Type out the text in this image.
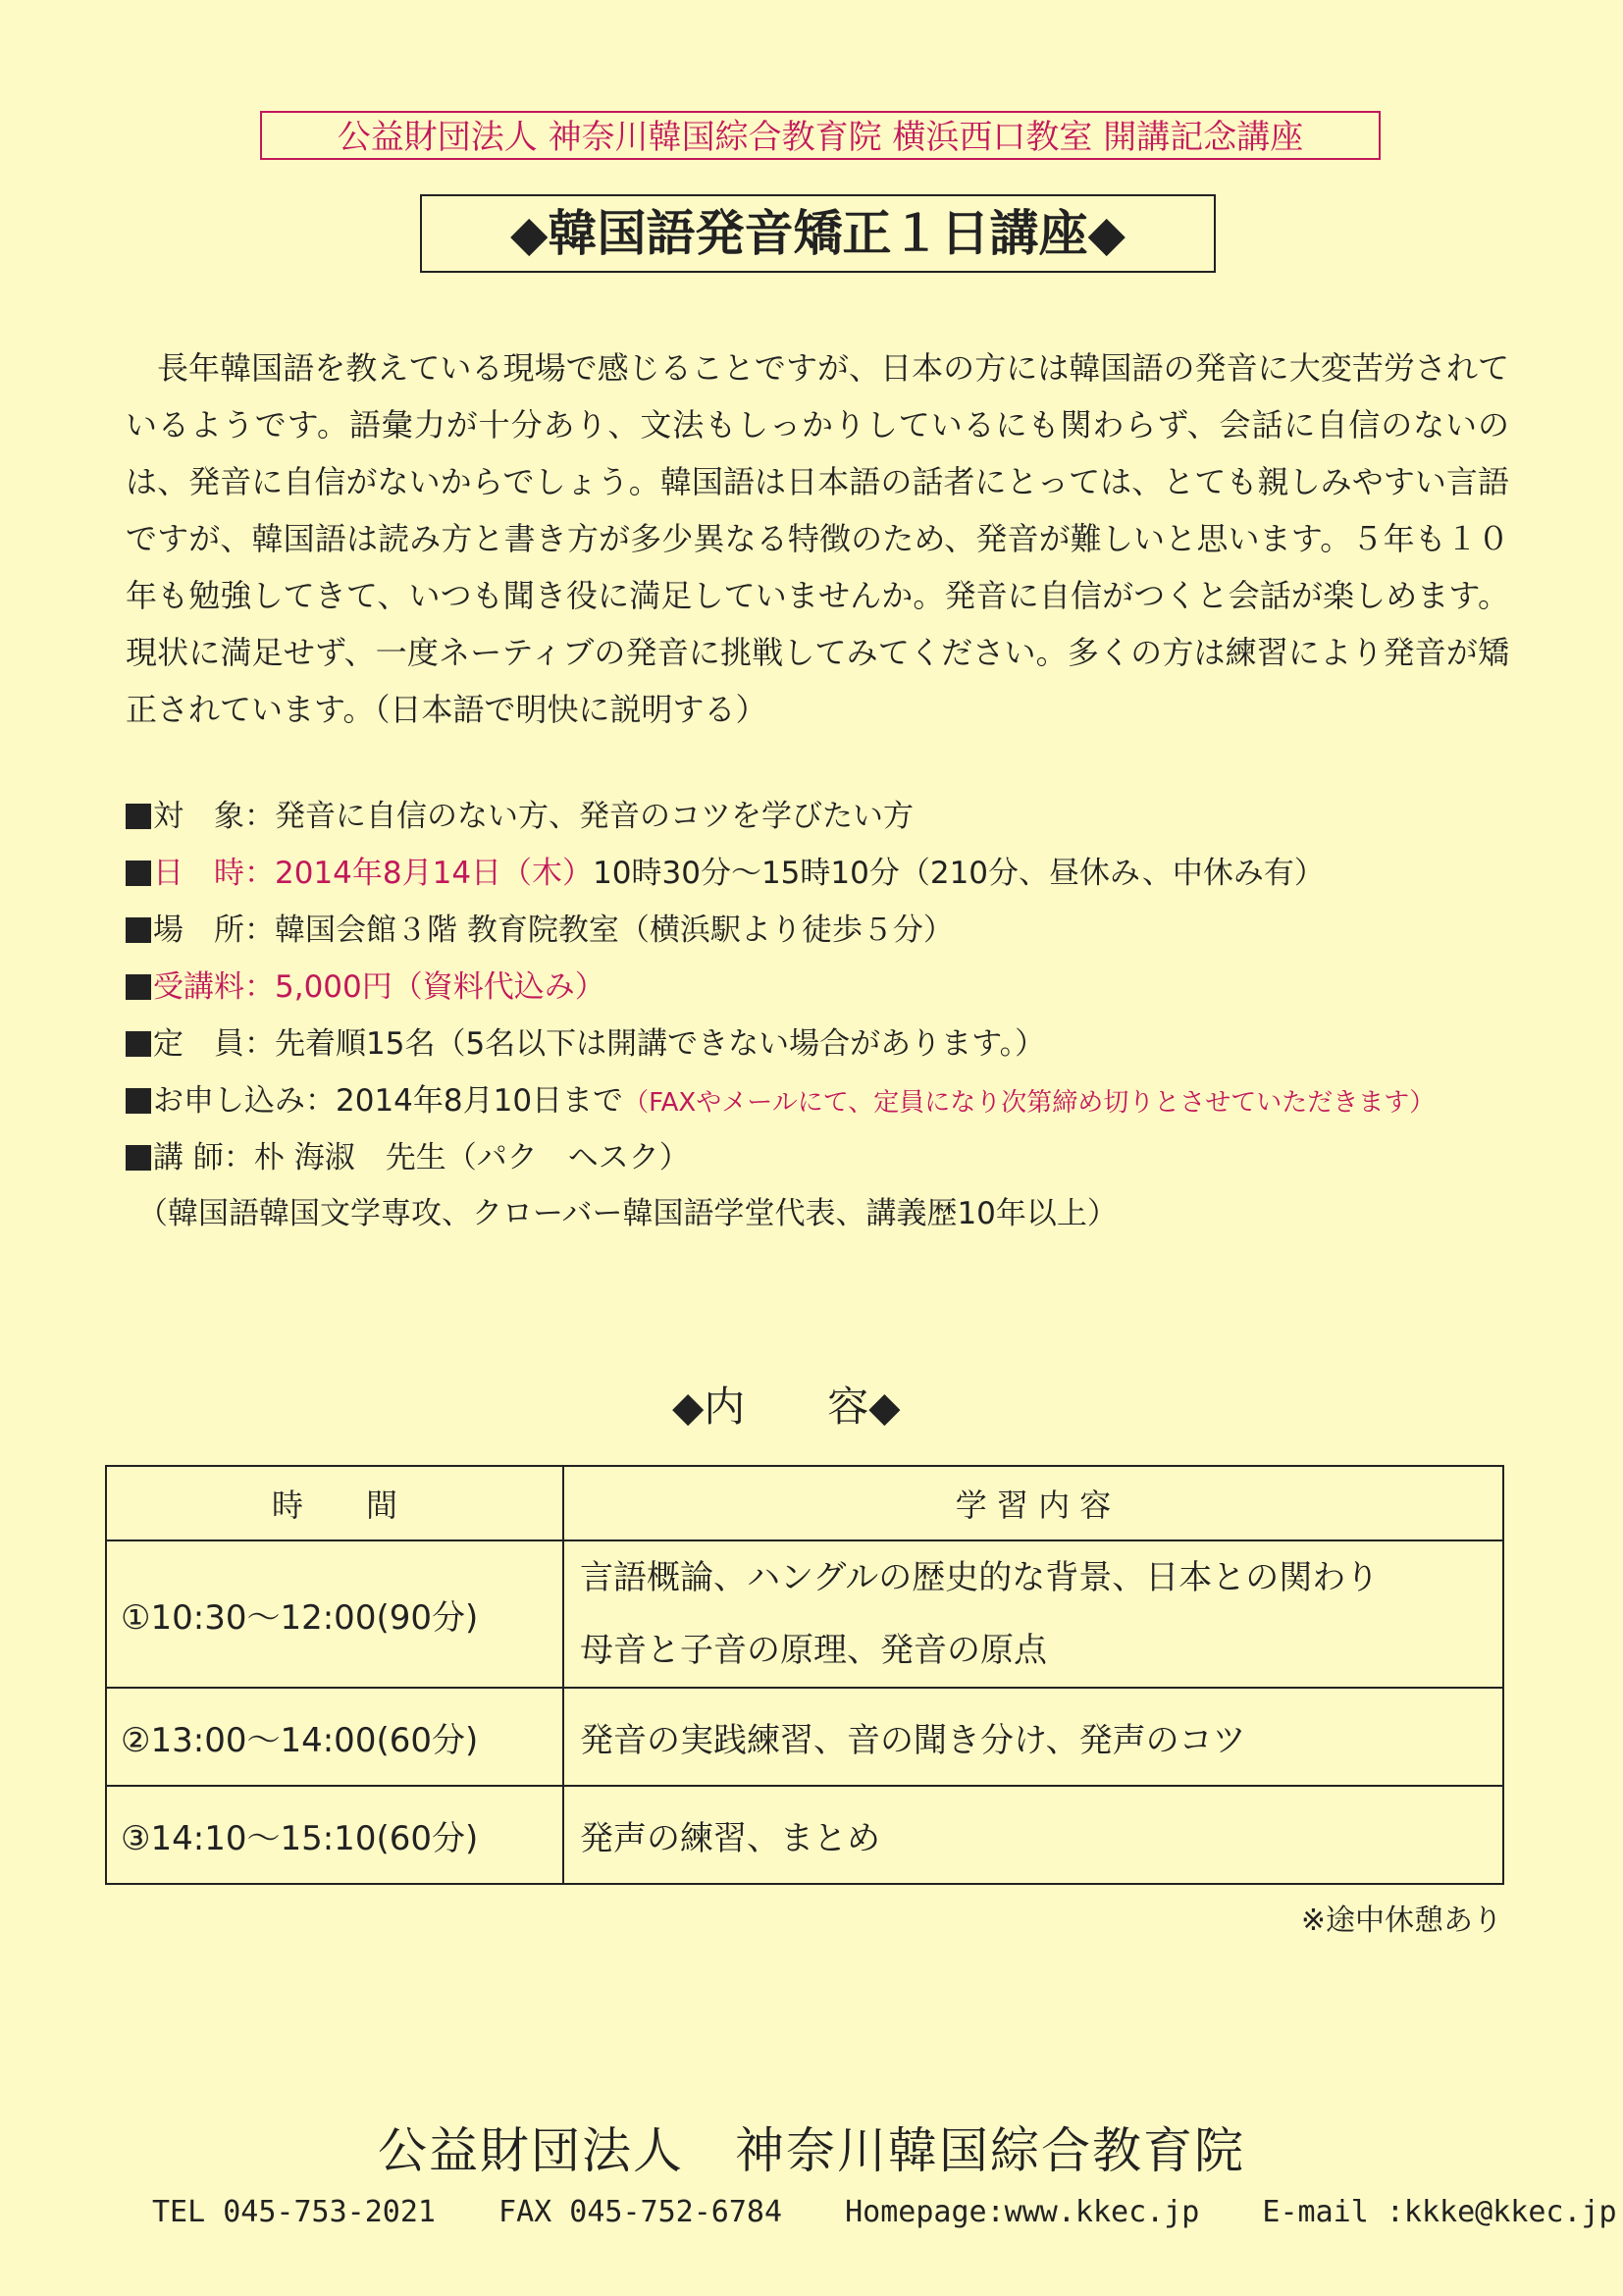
公益財団法人 神奈川韓国綜合教育院 横浜西口教室 開講記念講座
◆韓国語発音矯正１日講座◆

長年韓国語を教えている現場で感じることですが、日本の方には韓国語の発音に大変苦労されているようです。語彙力が十分あり、文法もしっかりしているにも関わらず、会話に自信のないのは、発音に自信がないからでしょう。韓国語は日本語の話者にとっては、とても親しみやすい言語ですが、韓国語は読み方と書き方が多少異なる特徴のため、発音が難しいと思います。５年も１０年も勉強してきて、いつも聞き役に満足していませんか。発音に自信がつくと会話が楽しめます。現状に満足せず、一度ネーティブの発音に挑戦してみてください。多くの方は練習により発音が矯正されています。（日本語で明快に説明する）

対　象：発音に自信のない方、発音のコツを学びたい方
日　時：2014年8月14日（木）10時30分～15時10分（210分、昼休み、中休み有）
場　所：韓国会館３階 教育院教室（横浜駅より徒歩５分）
受講料：5,000円（資料代込み）
定　員：先着順15名（5名以下は開講できない場合があります。）
お申し込み：2014年8月10日まで（FAXやメールにて、定員になり次第締め切りとさせていただきます）
講 師：朴 海淑　先生（パク　ヘスク）
（韓国語韓国文学専攻、クローバー韓国語学堂代表、講義歴10年以上）
◆内　　容◆
時　　間	学 習 内 容
①10:30～12:00(90分)	言語概論、ハングルの歴史的な背景、日本との関わり
母音と子音の原理、発音の原点

②13:00～14:00(60分)	発音の実践練習、音の聞き分け、発声のコツ
③14:10～15:10(60分)	発声の練習、まとめ
※途中休憩あり
公益財団法人　神奈川韓国綜合教育院
TEL 045-753-2021 FAX 045-752-6784 Homepage:www.kkec.jp E-mail :kkke@kkec.jp
